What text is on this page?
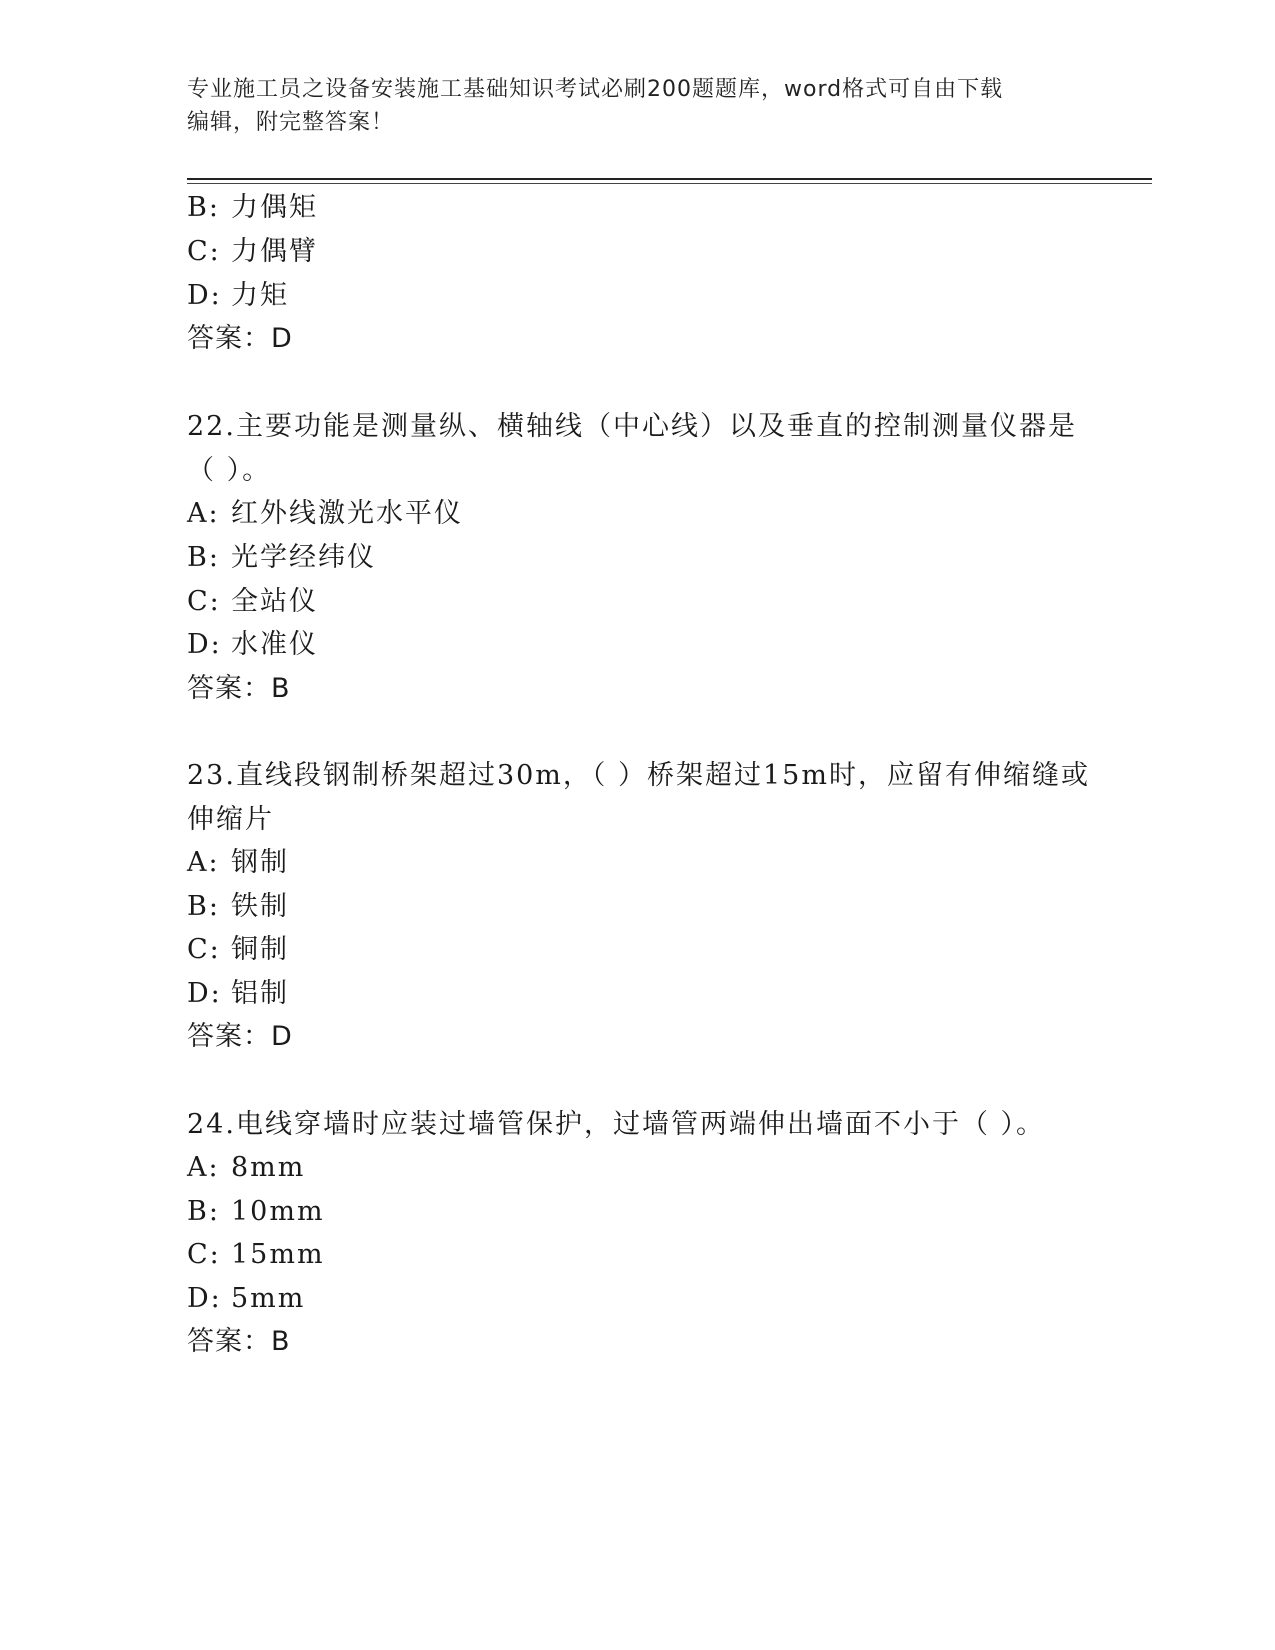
专业施工员之设备安装施工基础知识考试必刷200题题库，word格式可自由下载
编辑，附完整答案！
B: 力偶矩
C: 力偶臂
D: 力矩
答案：D
22.主要功能是测量纵、横轴线（中心线）以及垂直的控制测量仪器是
（ ）。
A: 红外线激光水平仪
B: 光学经纬仪
C: 全站仪
D: 水准仪
答案：B
23.直线段钢制桥架超过30m，（ ）桥架超过15m时，应留有伸缩缝或
伸缩片
A: 钢制
B: 铁制
C: 铜制
D: 铝制
答案：D
24.电线穿墙时应装过墙管保护，过墙管两端伸出墙面不小于（ ）。
A: 8mm
B: 10mm
C: 15mm
D: 5mm
答案：B
